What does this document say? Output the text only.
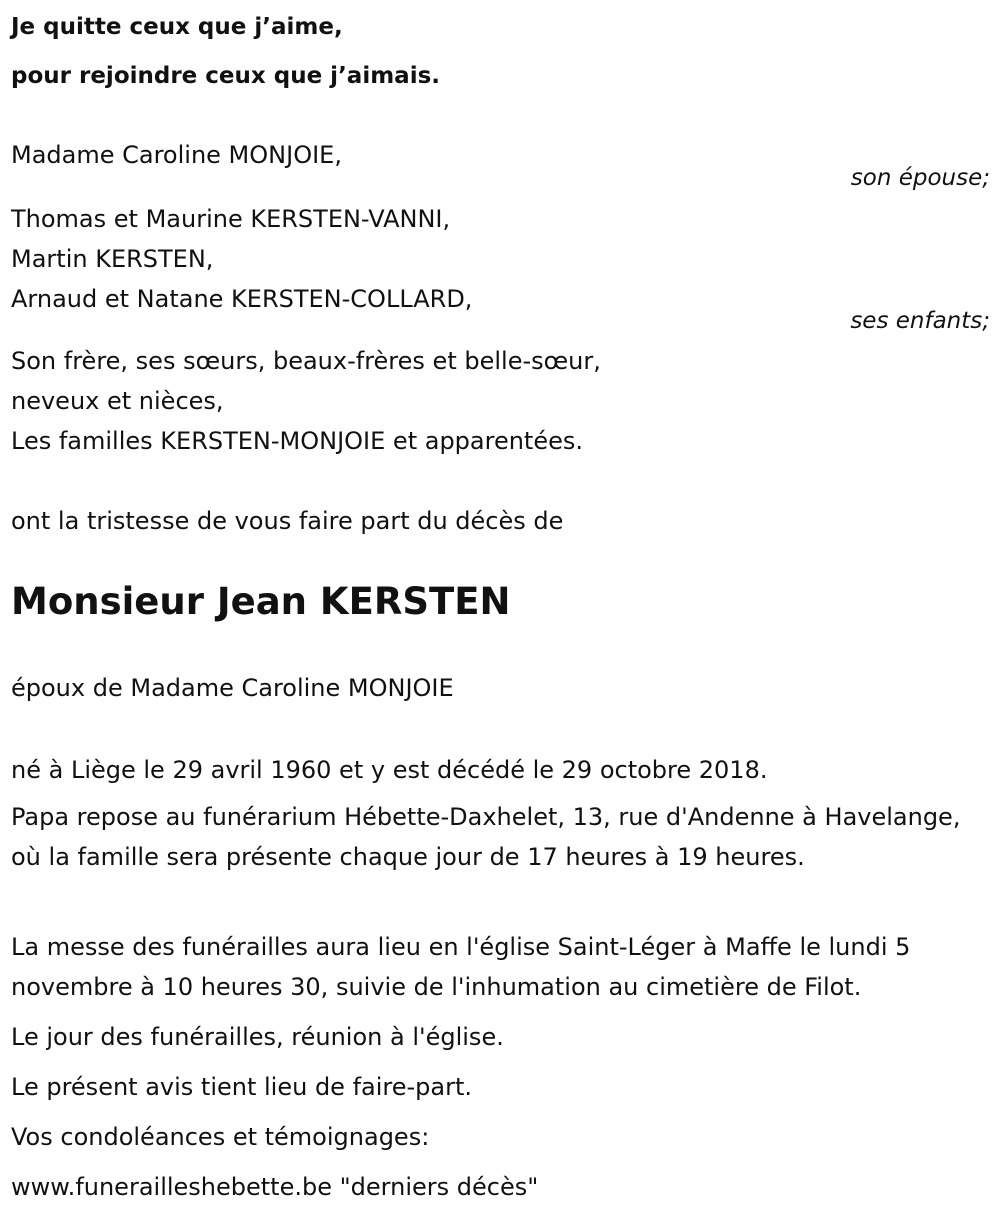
Je quitte ceux que j’aime,
pour rejoindre ceux que j’aimais.
Madame Caroline MONJOIE,
son épouse;
Thomas et Maurine KERSTEN-VANNI,
Martin KERSTEN,
Arnaud et Natane KERSTEN-COLLARD,
ses enfants;
Son frère, ses sœurs, beaux-frères et belle-sœur,
neveux et nièces,
Les familles KERSTEN-MONJOIE et apparentées.
ont la tristesse de vous faire part du décès de
Monsieur Jean KERSTEN
époux de Madame Caroline MONJOIE
né à Liège le 29 avril 1960 et y est décédé le 29 octobre 2018.
Papa repose au funérarium Hébette-Daxhelet, 13, rue d'Andenne à Havelange, où la famille sera présente chaque jour de 17 heures à 19 heures.
La messe des funérailles aura lieu en l'église Saint-Léger à Maffe le lundi 5 novembre à 10 heures 30, suivie de l'inhumation au cimetière de Filot.
Le jour des funérailles, réunion à l'église.
Le présent avis tient lieu de faire-part.
Vos condoléances et témoignages:
www.funerailleshebette.be "derniers décès"
